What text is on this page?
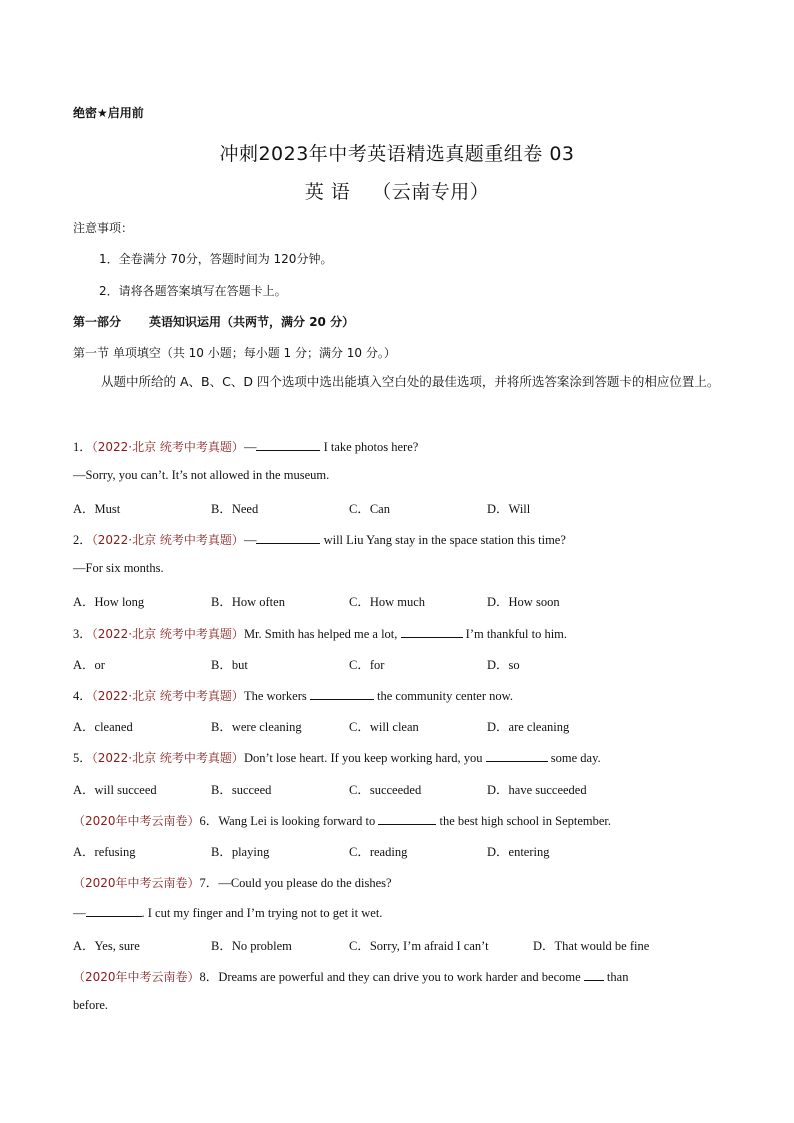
绝密★启用前
冲刺2023年中考英语精选真题重组卷 03
英 语 （云南专用）
注意事项：
1．全卷满分 70分，答题时间为 120分钟。
2．请将各题答案填写在答题卡上。
第一部分 英语知识运用（共两节，满分 20 分）
第一节 单项填空（共 10 小题；每小题 1 分；满分 10 分。）
从题中所给的 A、B、C、D 四个选项中选出能填入空白处的最佳选项，并将所选答案涂到答题卡的相应位置上。
1．（2022·北京 统考中考真题）—	I take photos here?
—Sorry, you can’t. It’s not allowed in the museum.
A．Must	B．Need	C．Can	D．Will
2．（2022·北京 统考中考真题）—	will Liu Yang stay in the space station this time?
—For six months.
A．How long	B．How often	C．How much	D．How soon
3．（2022·北京 统考中考真题）Mr. Smith has helped me a lot,	I’m thankful to him.
A．or	B．but	C．for	D．so
4．（2022·北京 统考中考真题）The workers	the community center now.
A．cleaned	B．were cleaning	C．will clean	D．are cleaning
5．（2022·北京 统考中考真题）Don’t lose heart. If you keep working hard, you	some day.
A．will succeed	B．succeed	C．succeeded	D．have succeeded
（2020年中考云南卷）6．Wang Lei is looking forward to	the best high school in September.
A．refusing	B．playing	C．reading	D．entering
（2020年中考云南卷）7．—Could you please do the dishes?
—	. I cut my finger and I’m trying not to get it wet.
A．Yes, sure	B．No problem	C．Sorry, I’m afraid I can’t	D．That would be fine
（2020年中考云南卷）8．Dreams are powerful and they can drive you to work harder and become  than
before.
